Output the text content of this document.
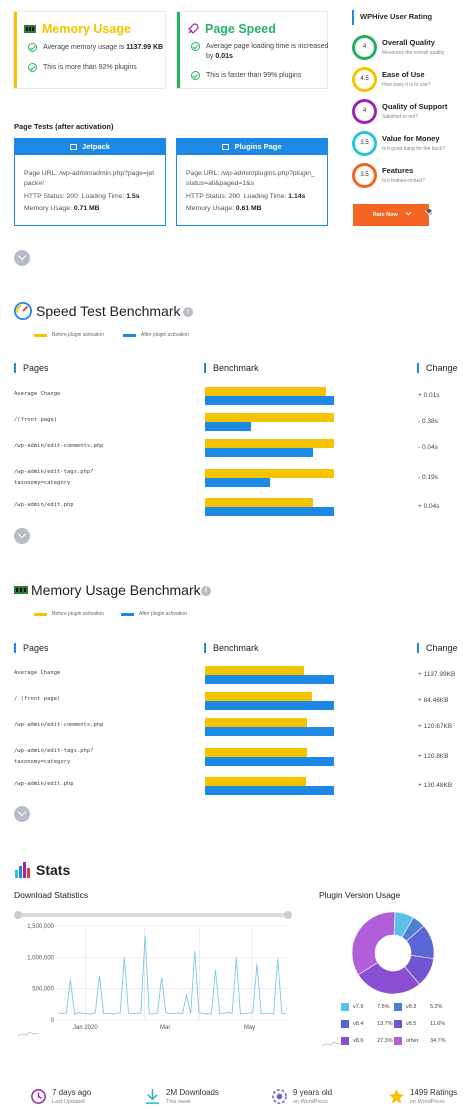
Memory Usage
Average memory usage is 1137.99 KB
This is more than 92% plugins
Page Speed
Average page loading time is increased by 0.01s
This is faster than 99% plugins
WPHive User Rating
4	Overall Quality
Measures the overall quality
4.5	Ease of Use
How easy it is to use?
4	Quality of Support
Satisfied or not?
3.5	Value for Money
Is it good bang for the buck?
3.5	Features
Is it feature-riched?
Rate Now
Page Tests (after activation)
Jetpack
Page URL: /wp-admin/admin.php?page=jet
pack#/
HTTP Status: 200 Loading Time: 1.5s
Memory Usage: 0.71 MB
Plugins Page
Page URL: /wp-admin/plugins.php?plugin_
status=all&paged=1&s
HTTP Status: 200 Loading Time: 1.14s
Memory Usage: 0.61 MB
Speed Test Benchmark i
Before plugin activation	After plugin activation
Pages	Benchmark	Change
Average Change	+ 0.01s
/(front page)	- 0.38s
/wp-admin/edit-comments.php	- 0.04s
/wp-admin/edit-tags.php?
taxonomy=category
- 0.19s
/wp-admin/edit.php	+ 0.04s
Memory Usage Benchmark i
Before plugin activation	After plugin activation
Pages	Benchmark	Change
Average Change	+ 1137.99KB
/ (front page)	+ 84.46KB
/wp-admin/edit-comments.php	+ 120.67KB
/wp-admin/edit-tags.php?
taxonomy=category
+ 120.8KB
/wp-admin/edit.php	+ 130.48KB
Stats
Download Statistics
1,500,000
1,000,000
500,000
0
Jan 2020	Mar	May
Plugin Version Usage
v7.9	7.5%	v8.3	5.2%
v8.4	13.7% v8.5	11.6%
v8.6	27.3% other	34.7%
7 days ago
Last Updated
2M Downloads
This week
9 years old
on WordPress
1499 Ratings
on WordPress
